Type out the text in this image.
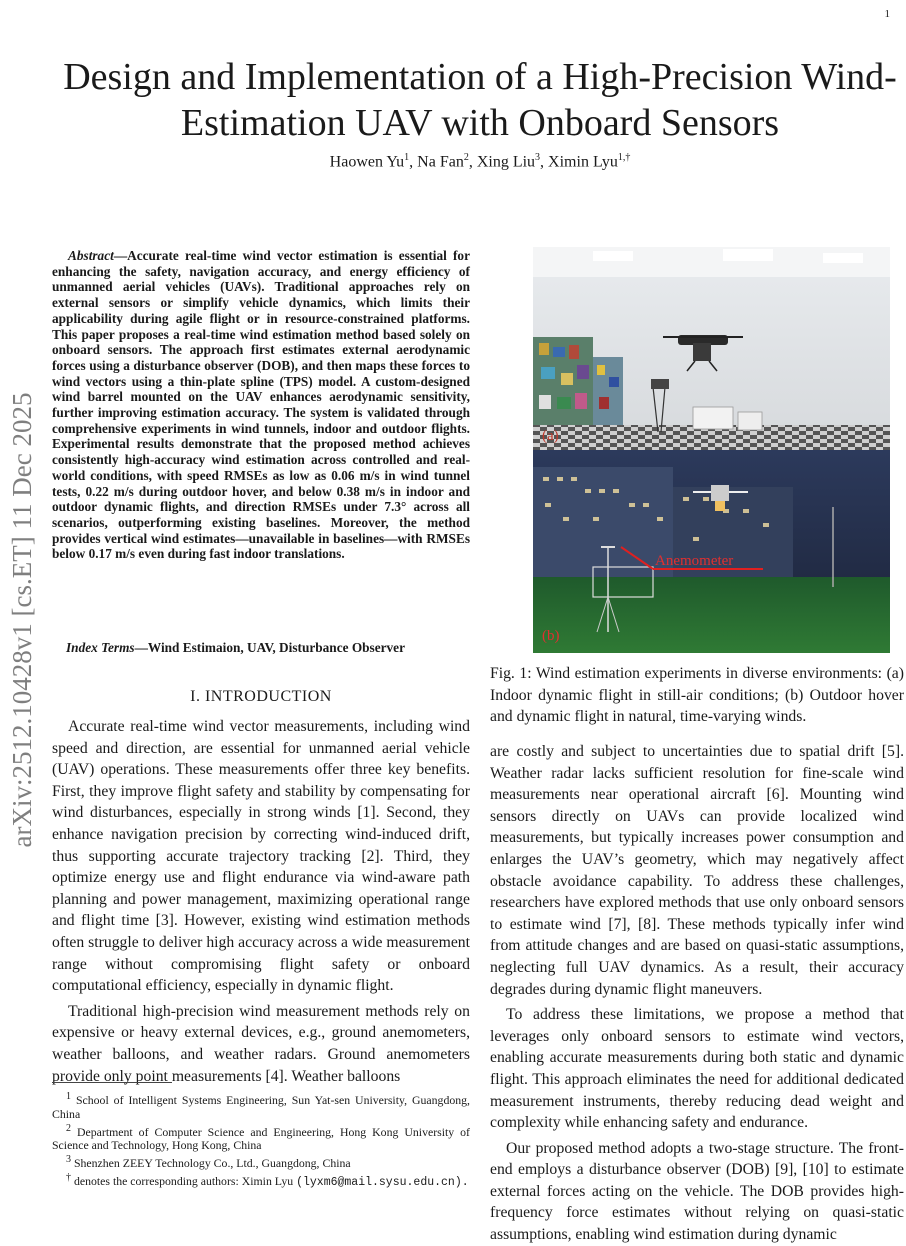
1
arXiv:2512.10428v1 [cs.ET] 11 Dec 2025
Design and Implementation of a High-Precision Wind-Estimation UAV with Onboard Sensors
Haowen Yu$^1$, Na Fan$^2$, Xing Liu$^3$, Ximin Lyu$^{1,\dagger}$

Abstract—Accurate real-time wind vector estimation is essential for enhancing the safety, navigation accuracy, and energy efficiency of unmanned aerial vehicles (UAVs). Traditional approaches rely on external sensors or simplify vehicle dynamics, which limits their applicability during agile flight or in resource-constrained platforms. This paper proposes a real-time wind estimation method based solely on onboard sensors. The approach first estimates external aerodynamic forces using a disturbance observer (DOB), and then maps these forces to wind vectors using a thin-plate spline (TPS) model. A custom-designed wind barrel mounted on the UAV enhances aerodynamic sensitivity, further improving estimation accuracy. The system is validated through comprehensive experiments in wind tunnels, indoor and outdoor flights. Experimental results demonstrate that the proposed method achieves consistently high-accuracy wind estimation across controlled and real-world conditions, with speed RMSEs as low as 0.06 m/s in wind tunnel tests, 0.22 m/s during outdoor hover, and below 0.38 m/s in indoor and outdoor dynamic flights, and direction RMSEs under 7.3° across all scenarios, outperforming existing baselines. Moreover, the method provides vertical wind estimates—unavailable in baselines—with RMSEs below 0.17 m/s even during fast indoor translations.

Index Terms—Wind Estimaion, UAV, Disturbance Observer
I. INTRODUCTION

Accurate real-time wind vector measurements, including wind speed and direction, are essential for unmanned aerial vehicle (UAV) operations. These measurements offer three key benefits. First, they improve flight safety and stability by compensating for wind disturbances, especially in strong winds [1]. Second, they enhance navigation precision by correcting wind-induced drift, thus supporting accurate trajectory tracking [2]. Third, they optimize energy use and flight endurance via wind-aware path planning and power management, maximizing operational range and flight time [3]. However, existing wind estimation methods often struggle to deliver high accuracy across a wide measurement range without compromising flight safety or onboard computational efficiency, especially in dynamic flight.

Traditional high-precision wind measurement methods rely on expensive or heavy external devices, e.g., ground anemometers, weather balloons, and weather radars. Ground anemometers provide only point measurements [4]. Weather balloons

(a)
Anemometer
(b)
Fig. 1: Wind estimation experiments in diverse environments: (a) Indoor dynamic flight in still-air conditions; (b) Outdoor hover and dynamic flight in natural, time-varying winds.

are costly and subject to uncertainties due to spatial drift [5]. Weather radar lacks sufficient resolution for fine-scale wind measurements near operational aircraft [6]. Mounting wind sensors directly on UAVs can provide localized wind measurements, but typically increases power consumption and enlarges the UAV’s geometry, which may negatively affect obstacle avoidance capability. To address these challenges, researchers have explored methods that use only onboard sensors to estimate wind [7], [8]. These methods typically infer wind from attitude changes and are based on quasi-static assumptions, neglecting full UAV dynamics. As a result, their accuracy degrades during dynamic flight maneuvers.

To address these limitations, we propose a method that leverages only onboard sensors to estimate wind vectors, enabling accurate measurements during both static and dynamic flight. This approach eliminates the need for additional dedicated measurement instruments, thereby reducing dead weight and complexity while enhancing safety and endurance.

Our proposed method adopts a two-stage structure. The front-end employs a disturbance observer (DOB) [9], [10] to estimate external forces acting on the vehicle. The DOB provides high-frequency force estimates without relying on quasi-static assumptions, enabling wind estimation during dynamic

$^1$ School of Intelligent Systems Engineering, Sun Yat-sen University, Guangdong, China
$^2$ Department of Computer Science and Engineering, Hong Kong University of Science and Technology, Hong Kong, China
$^3$ Shenzhen ZEEY Technology Co., Ltd., Guangdong, China
† denotes the corresponding authors: Ximin Lyu (lyxm6@mail.sysu.edu.cn).
